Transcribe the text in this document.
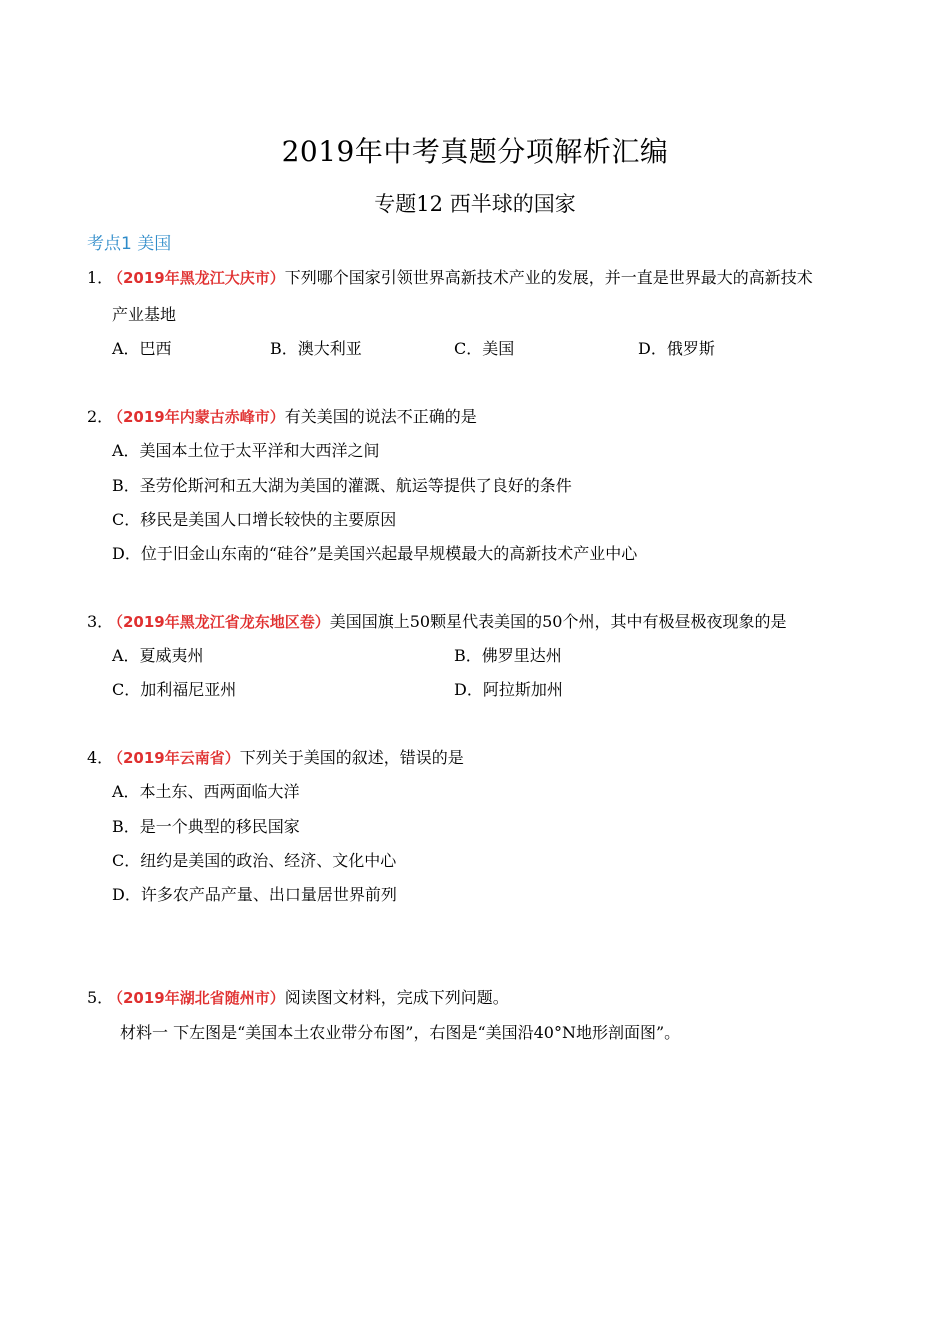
2019年中考真题分项解析汇编
专题12 西半球的国家
考点1 美国
1．
（2019年黑龙江大庆市）下列哪个国家引领世界高新技术产业的发展，并一直是世界最大的高新技术
产业基地
A．巴西	B．澳大利亚	C．美国	D．俄罗斯
2．
（2019年内蒙古赤峰市）有关美国的说法不正确的是
A．美国本土位于太平洋和大西洋之间
B．圣劳伦斯河和五大湖为美国的灌溉、航运等提供了良好的条件
C．移民是美国人口增长较快的主要原因
D．位于旧金山东南的“硅谷”是美国兴起最早规模最大的高新技术产业中心
3．
（2019年黑龙江省龙东地区卷）美国国旗上50颗星代表美国的50个州，其中有极昼极夜现象的是
A．夏威夷州	B．佛罗里达州
C．加利福尼亚州	D．阿拉斯加州
4．
（2019年云南省）下列关于美国的叙述，错误的是
A．本土东、西两面临大洋
B．是一个典型的移民国家
C．纽约是美国的政治、经济、文化中心
D．许多农产品产量、出口量居世界前列
5．
（2019年湖北省随州市）阅读图文材料，完成下列问题。
材料一 下左图是“美国本土农业带分布图”，右图是“美国沿40°N地形剖面图”。
